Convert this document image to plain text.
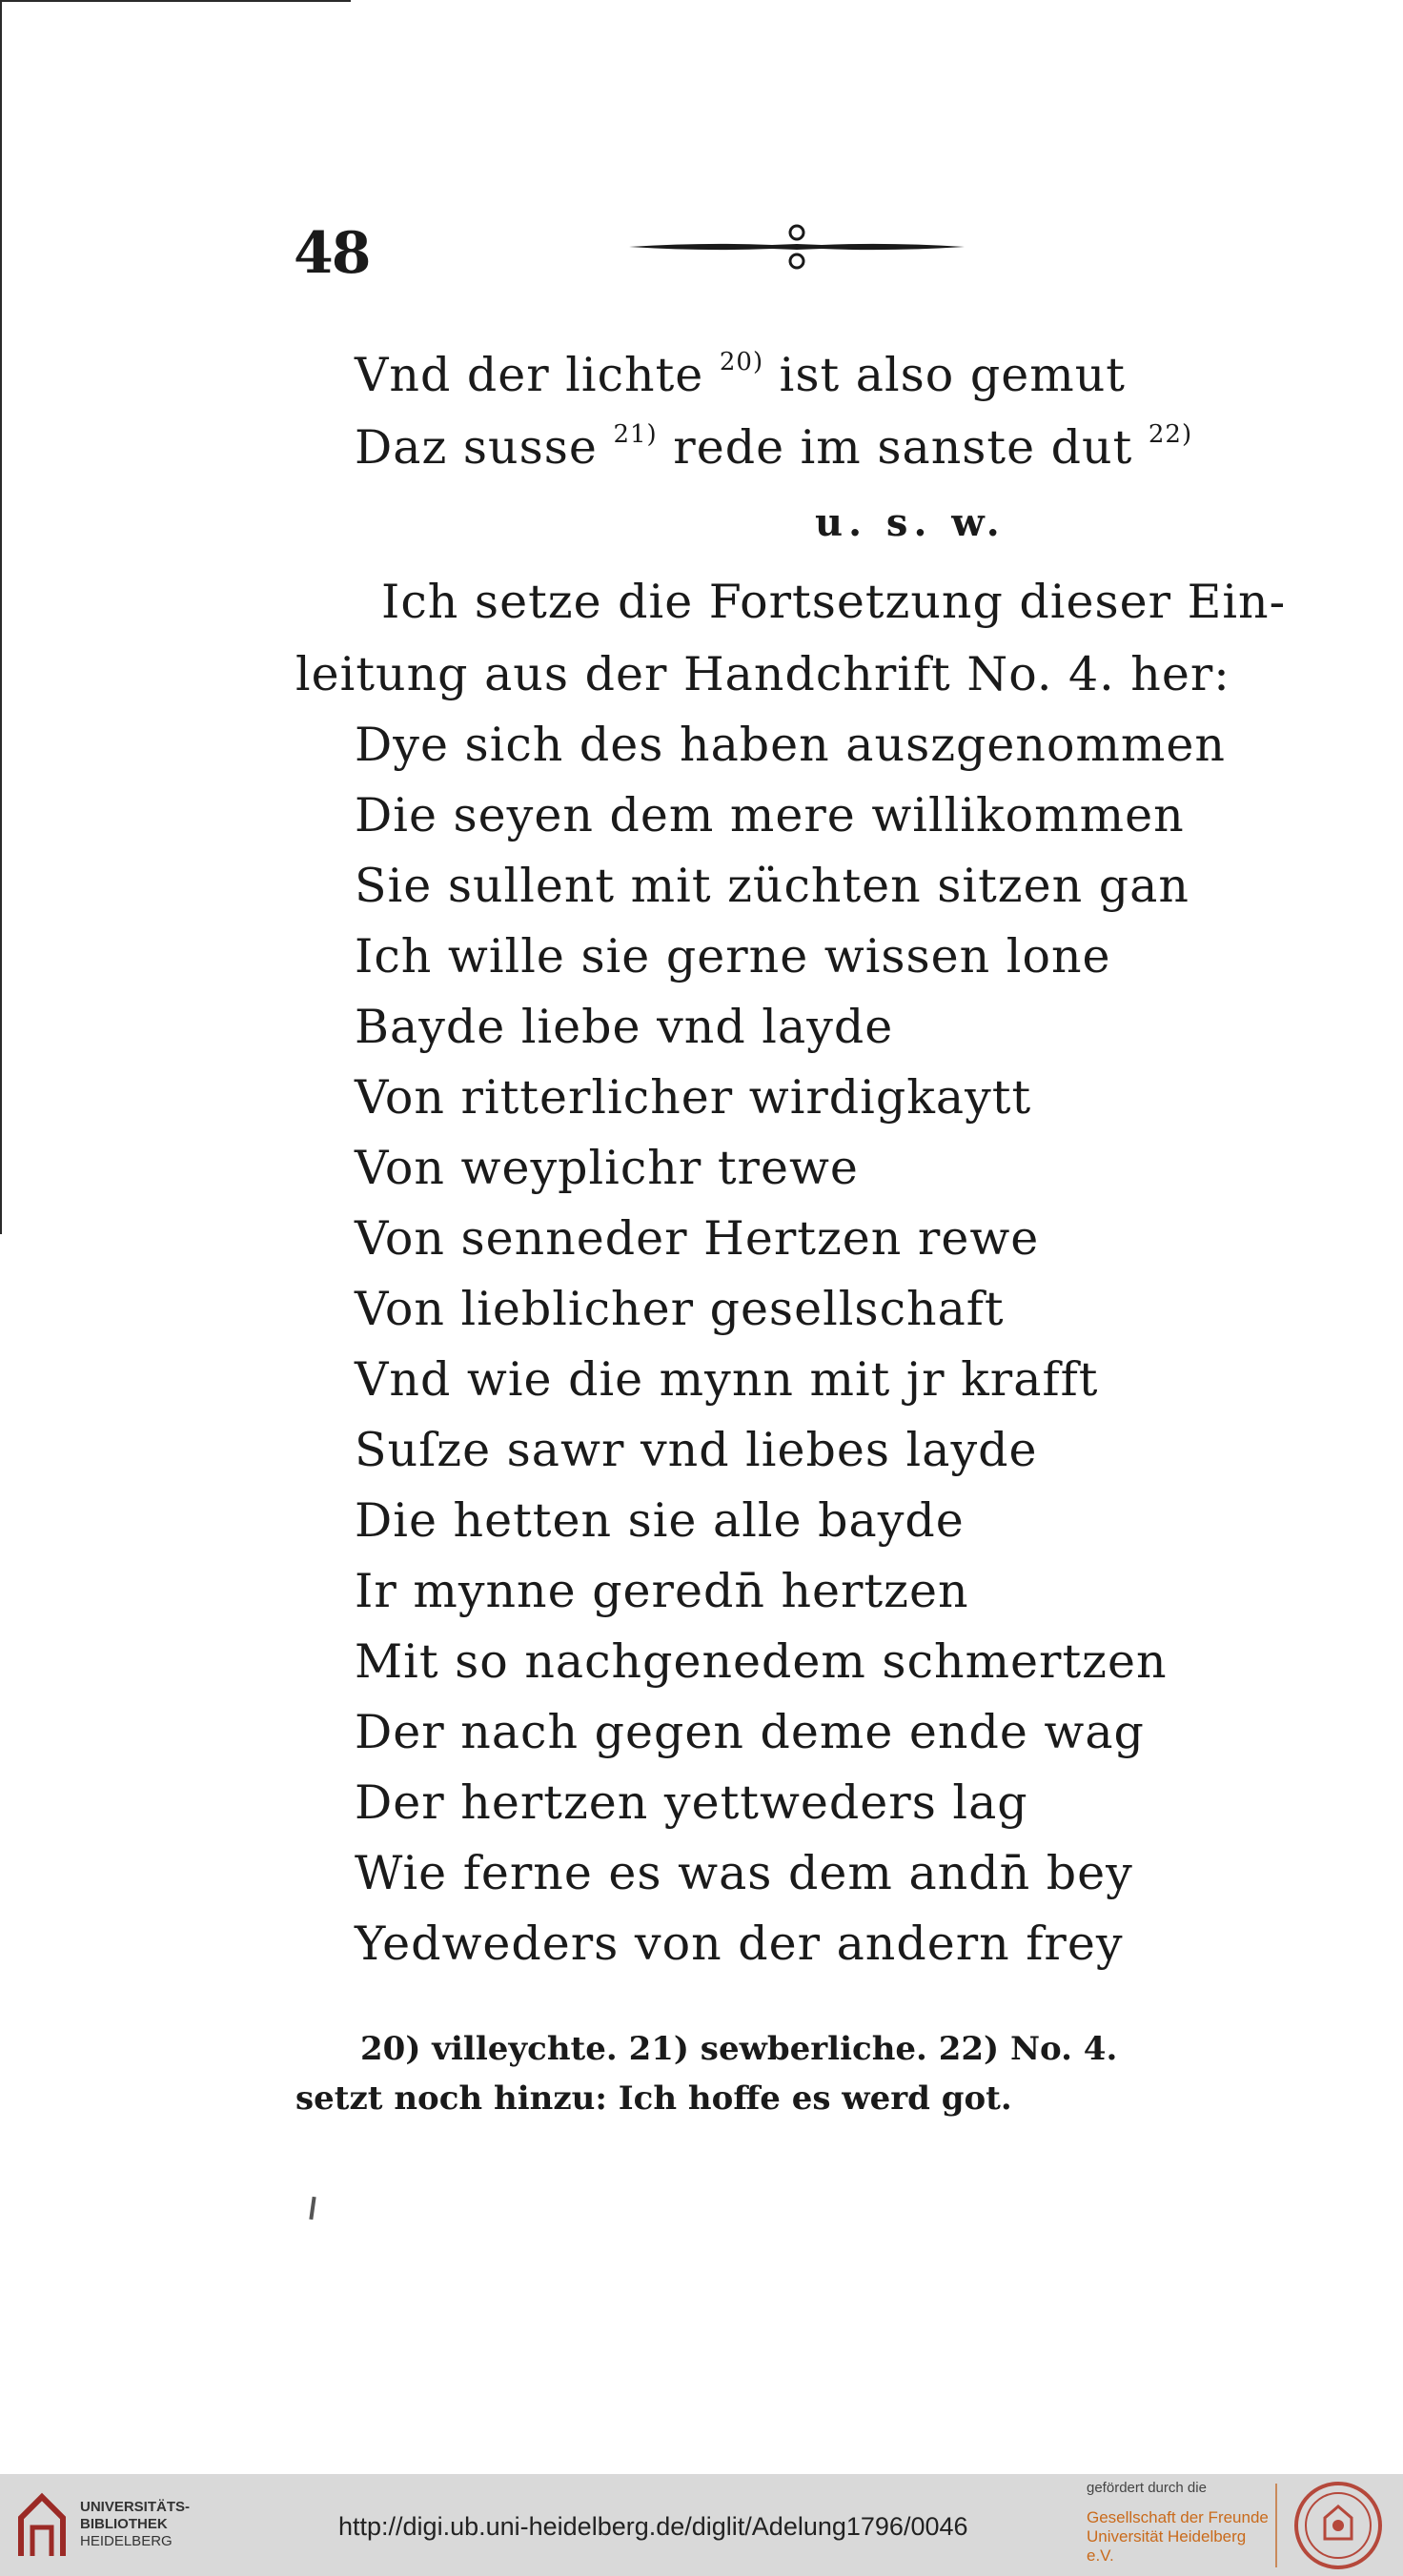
48
Vnd der lichte $^{20)}$ ist also gemut
Daz susse $^{21)}$ rede im sanste dut $^{22)}$
u. s. w.
Ich setze die Fortsetzung dieser Ein-
leitung aus der Handchrift No. 4. her:
Dye sich des haben auszgenommen
Die seyen dem mere willikommen
Sie sullent mit züchten sitzen gan
Ich wille sie gerne wissen lone
Bayde liebe vnd layde
Von ritterlicher wirdigkaytt
Von weyplichr trewe
Von senneder Hertzen rewe
Von lieblicher gesellschaft
Vnd wie die mynn mit jr krafft
Suſze sawr vnd liebes layde
Die hetten sie alle bayde
Ir mynne geredn̄ hertzen
Mit so nachgenedem schmertzen
Der nach gegen deme ende wag
Der hertzen yettweders lag
Wie ferne es was dem andn̄ bey
Yedweders von der andern frey
20) villeychte. 21) sewberliche. 22) No. 4.
setzt noch hinzu: Ich hoffe es werd got.
UNIVERSITÄTS-
BIBLIOTHEK
HEIDELBERG
http://digi.ub.uni-heidelberg.de/diglit/Adelung1796/0046
gefördert durch die
Gesellschaft der Freunde
Universität Heidelberg e.V.
